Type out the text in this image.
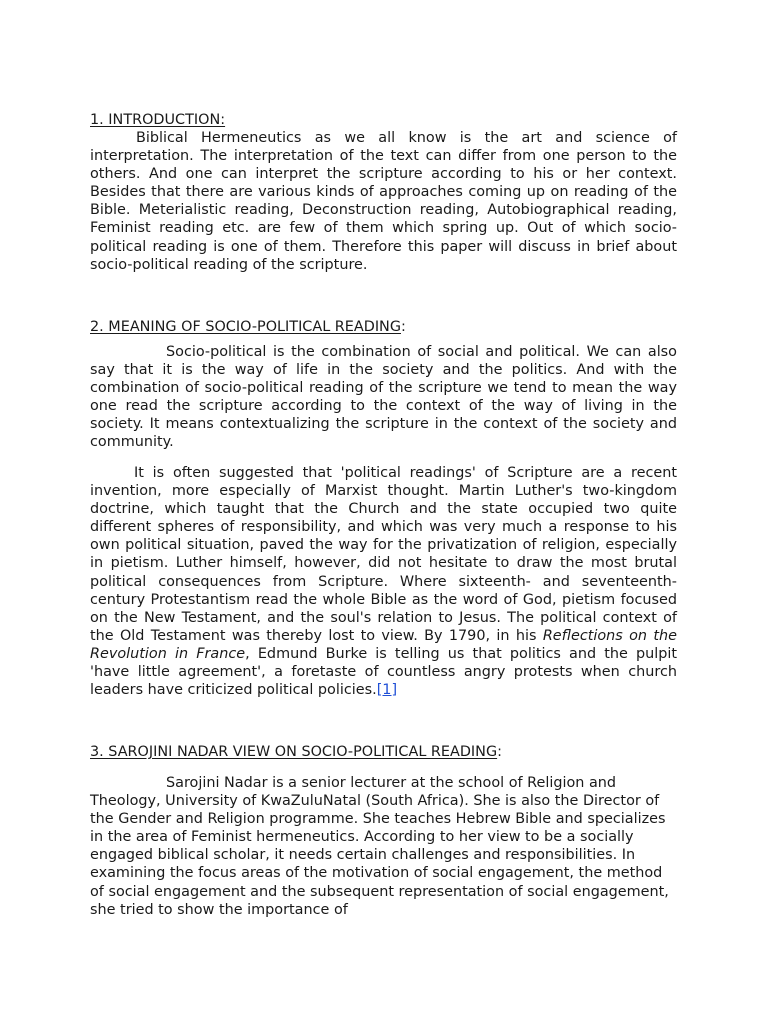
1. INTRODUCTION:

Biblical Hermeneutics as we all know is the art and science of interpretation. The interpretation of the text can differ from one person to the others. And one can interpret the scripture according to his or her context. Besides that there are various kinds of approaches coming up on reading of the Bible. Meterialistic reading, Deconstruction reading, Autobiographical reading, Feminist reading etc. are few of them which spring up. Out of which socio-political reading is one of them. Therefore this paper will discuss in brief about socio-political reading of the scripture.

2. MEANING OF SOCIO-POLITICAL READING:

Socio-political is the combination of social and political. We can also say that it is the way of life in the society and the politics. And with the combination of socio-political reading of the scripture we tend to mean the way one read the scripture according to the context of the way of living in the society. It means contextualizing the scripture in the context of the society and community.

It is often suggested that 'political readings' of Scripture are a recent invention, more especially of Marxist thought. Martin Luther's two-kingdom doctrine, which taught that the Church and the state occupied two quite different spheres of responsibility, and which was very much a response to his own political situation, paved the way for the privatization of religion, especially in pietism. Luther himself, however, did not hesitate to draw the most brutal political consequences from Scripture. Where sixteenth- and seventeenth-century Protestantism read the whole Bible as the word of God, pietism focused on the New Testament, and the soul's relation to Jesus. The political context of the Old Testament was thereby lost to view. By 1790, in his Reflections on the Revolution in France, Edmund Burke is telling us that politics and the pulpit 'have little agreement', a foretaste of countless angry protests when church leaders have criticized political policies.[1]

3. SAROJINI NADAR VIEW ON SOCIO-POLITICAL READING:

Sarojini Nadar is a senior lecturer at the school of Religion and Theology, University of KwaZuluNatal (South Africa). She is also the Director of the Gender and Religion programme. She teaches Hebrew Bible and specializes in the area of Feminist hermeneutics. According to her view to be a socially engaged biblical scholar, it needs certain challenges and responsibilities. In examining the focus areas of the motivation of social engagement, the method of social engagement and the subsequent representation of social engagement, she tried to show the importance of
